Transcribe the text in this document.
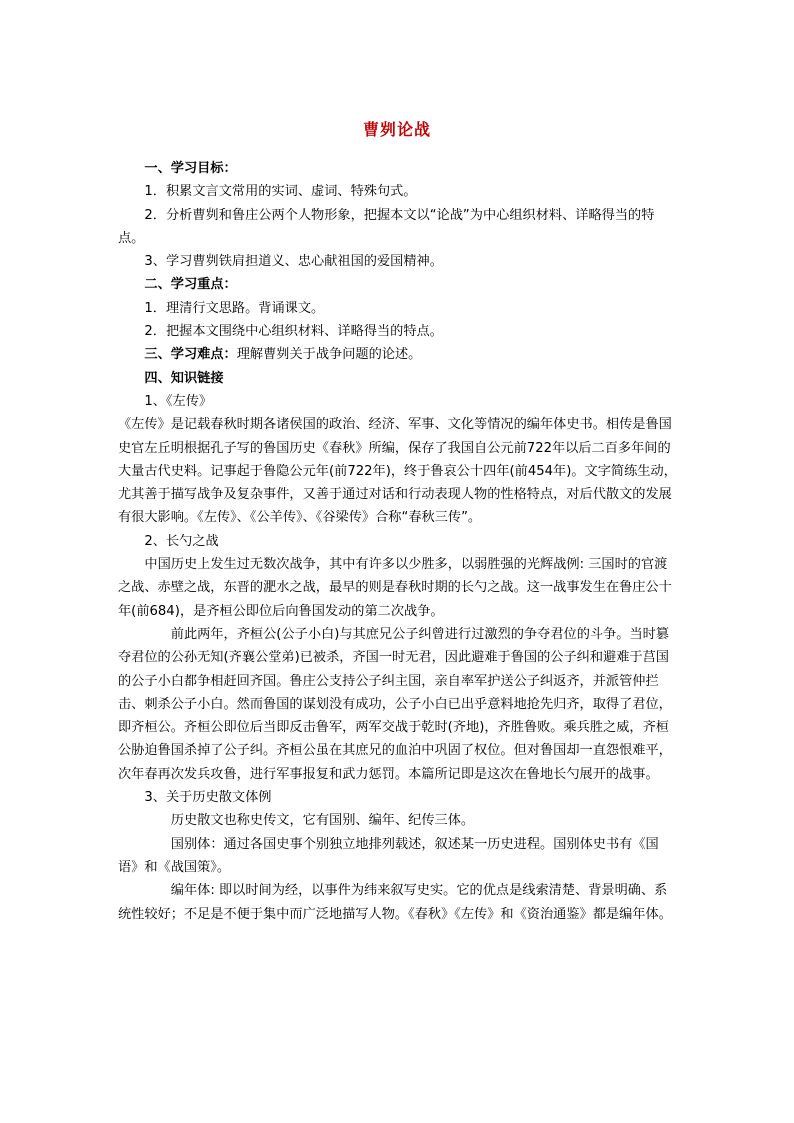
曹刿论战

一、学习目标：

1．积累文言文常用的实词、虚词、特殊句式。

2．分析曹刿和鲁庄公两个人物形象，把握本文以“论战”为中心组织材料、详略得当的特点。

3、学习曹刿铁肩担道义、忠心献祖国的爱国精神。

二、学习重点：

1．理清行文思路。背诵课文。

2．把握本文围绕中心组织材料、详略得当的特点。

三、学习难点：理解曹刿关于战争问题的论述。

四、知识链接

1、《左传》

《左传》是记载春秋时期各诸侯国的政治、经济、军事、文化等情况的编年体史书。相传是鲁国史官左丘明根据孔子写的鲁国历史《春秋》所编，保存了我国自公元前722年以后二百多年间的大量古代史料。记事起于鲁隐公元年(前722年)，终于鲁哀公十四年(前454年)。文字简练生动，尤其善于描写战争及复杂事件，又善于通过对话和行动表现人物的性格特点，对后代散文的发展有很大影响。《左传》、《公羊传》、《谷梁传》合称“春秋三传”。

2、长勺之战

中国历史上发生过无数次战争，其中有许多以少胜多，以弱胜强的光辉战例: 三国时的官渡之战、赤壁之战，东晋的淝水之战，最早的则是春秋时期的长勺之战。这一战事发生在鲁庄公十年(前684)，是齐桓公即位后向鲁国发动的第二次战争。

前此两年，齐桓公(公子小白)与其庶兄公子纠曾进行过激烈的争夺君位的斗争。当时篡夺君位的公孙无知(齐襄公堂弟)已被杀，齐国一时无君，因此避难于鲁国的公子纠和避难于莒国的公子小白都争相赶回齐国。鲁庄公支持公子纠主国，亲自率军护送公子纠返齐，并派管仲拦击、刺杀公子小白。然而鲁国的谋划没有成功，公子小白已出乎意料地抢先归齐，取得了君位，即齐桓公。齐桓公即位后当即反击鲁军，两军交战于乾时(齐地)，齐胜鲁败。乘兵胜之威，齐桓公胁迫鲁国杀掉了公子纠。齐桓公虽在其庶兄的血泊中巩固了权位。但对鲁国却一直怨恨难平，次年春再次发兵攻鲁，进行军事报复和武力惩罚。本篇所记即是这次在鲁地长勺展开的战事。

3、关于历史散文体例

历史散文也称史传文，它有国别、编年、纪传三体。

国别体：通过各国史事个别独立地排列载述，叙述某一历史进程。国别体史书有《国语》和《战国策》。

编年体: 即以时间为经，以事件为纬来叙写史实。它的优点是线索清楚、背景明确、系统性较好；不足是不便于集中而广泛地描写人物。《春秋》《左传》和《资治通鉴》都是编年体。
